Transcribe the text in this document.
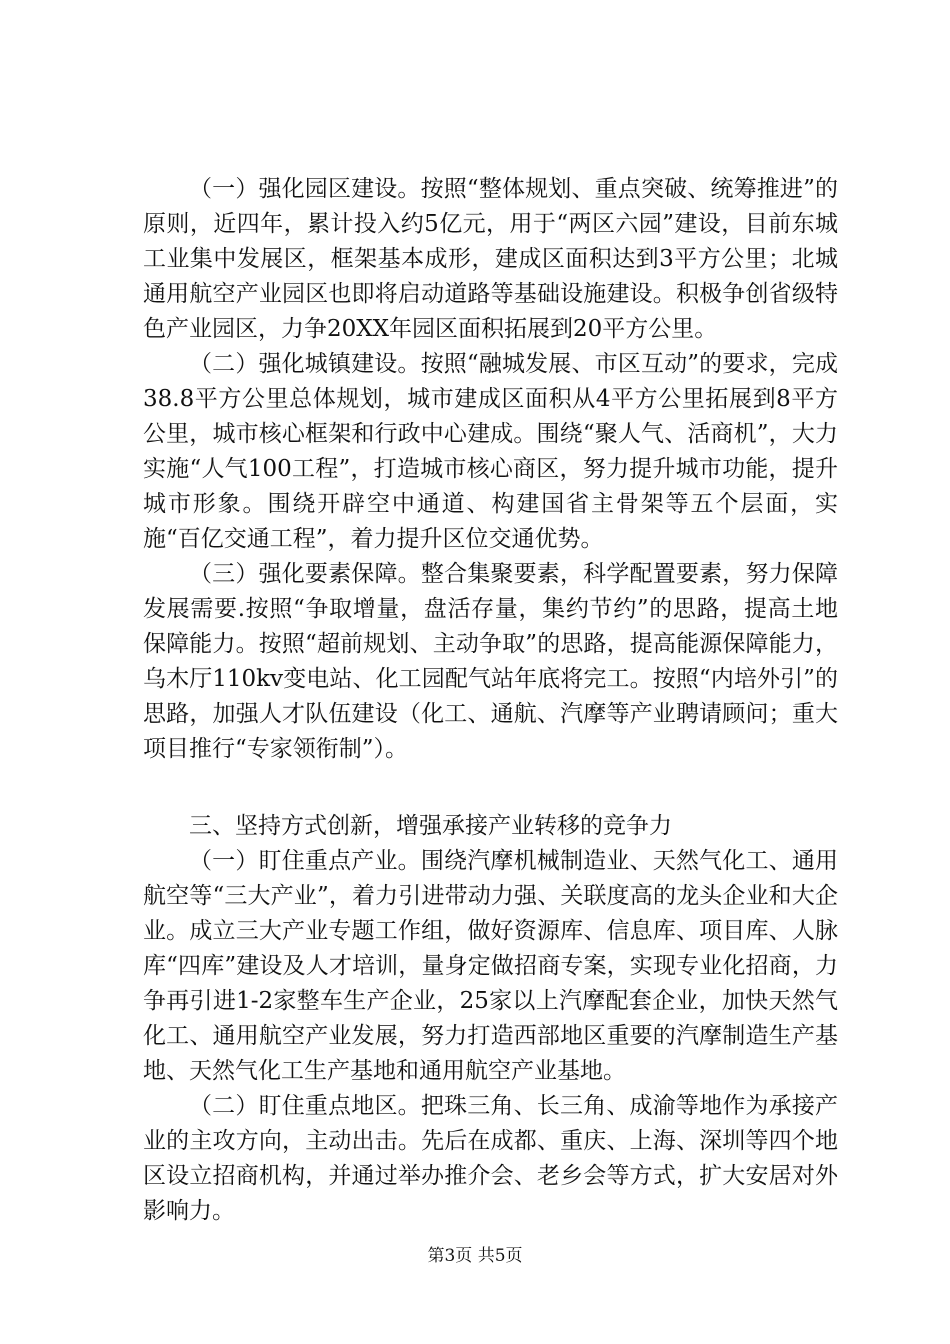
（一）强化园区建设。按照“整体规划、重点突破、统筹推进”的原则，近四年，累计投入约5亿元，用于“两区六园”建设，目前东城工业集中发展区，框架基本成形，建成区面积达到3平方公里；北城通用航空产业园区也即将启动道路等基础设施建设。积极争创省级特色产业园区，力争20XX年园区面积拓展到20平方公里。

（二）强化城镇建设。按照“融城发展、市区互动”的要求，完成38.8平方公里总体规划，城市建成区面积从4平方公里拓展到8平方公里，城市核心框架和行政中心建成。围绕“聚人气、活商机”，大力实施“人气100工程”，打造城市核心商区，努力提升城市功能，提升城市形象。围绕开辟空中通道、构建国省主骨架等五个层面，实施“百亿交通工程”，着力提升区位交通优势。

（三）强化要素保障。整合集聚要素，科学配置要素，努力保障发展需要.按照“争取增量，盘活存量，集约节约”的思路，提高土地保障能力。按照“超前规划、主动争取”的思路，提高能源保障能力，乌木厅110kv变电站、化工园配气站年底将完工。按照“内培外引”的思路，加强人才队伍建设（化工、通航、汽摩等产业聘请顾问；重大项目推行“专家领衔制”）。

三、坚持方式创新，增强承接产业转移的竞争力

（一）盯住重点产业。围绕汽摩机械制造业、天然气化工、通用航空等“三大产业”，着力引进带动力强、关联度高的龙头企业和大企业。成立三大产业专题工作组，做好资源库、信息库、项目库、人脉库“四库”建设及人才培训，量身定做招商专案，实现专业化招商，力争再引进1-2家整车生产企业，25家以上汽摩配套企业，加快天然气化工、通用航空产业发展，努力打造西部地区重要的汽摩制造生产基地、天然气化工生产基地和通用航空产业基地。

（二）盯住重点地区。把珠三角、长三角、成渝等地作为承接产业的主攻方向，主动出击。先后在成都、重庆、上海、深圳等四个地区设立招商机构，并通过举办推介会、老乡会等方式，扩大安居对外影响力。

第3页 共5页
